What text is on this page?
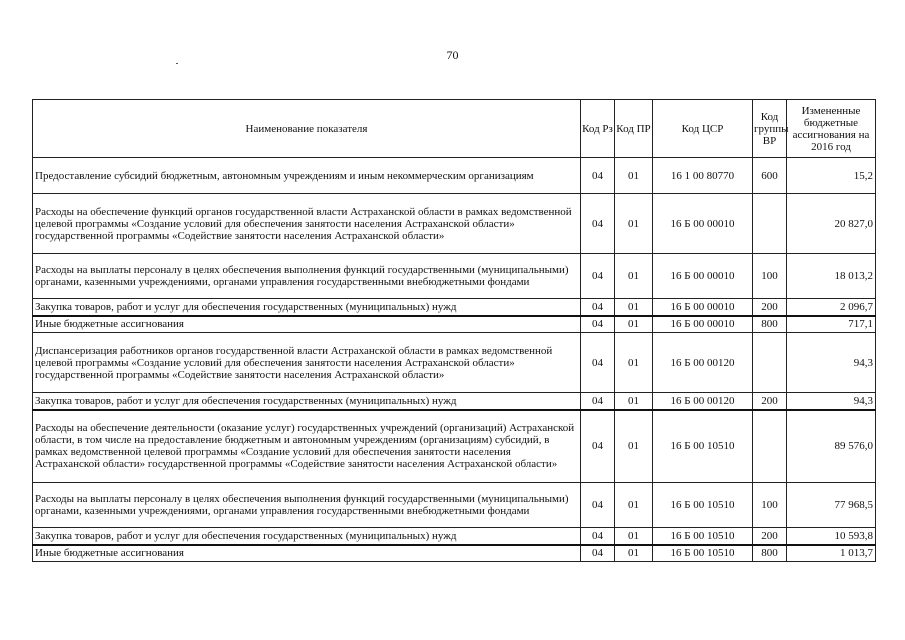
70
Наименование показателя	Код Рз	Код ПР	Код ЦСР	Код группы ВР	Измененные бюджетные ассигнования на 2016 год
Предоставление субсидий бюджетным, автономным учреждениям и иным некоммерческим организациям	04	01	16 1 00 80770	600	15,2
Расходы на обеспечение функций органов государственной власти Астраханской области в рамках ведомственной целевой программы «Создание условий для обеспечения занятости населения Астраханской области» государственной программы «Содействие занятости населения Астраханской области»	04	01	16 Б 00 00010		20 827,0
Расходы на выплаты персоналу в целях обеспечения выполнения функций государственными (муниципальными) органами, казенными учреждениями, органами управления государственными внебюджетными фондами	04	01	16 Б 00 00010	100	18 013,2
Закупка товаров, работ и услуг для обеспечения государственных (муниципальных) нужд	04	01	16 Б 00 00010	200	2 096,7
Иные бюджетные ассигнования	04	01	16 Б 00 00010	800	717,1
Диспансеризация работников органов государственной власти Астраханской области в рамках ведомственной целевой программы «Создание условий для обеспечения занятости населения Астраханской области» государственной программы «Содействие занятости населения Астраханской области»	04	01	16 Б 00 00120		94,3
Закупка товаров, работ и услуг для обеспечения государственных (муниципальных) нужд	04	01	16 Б 00 00120	200	94,3
Расходы на обеспечение деятельности (оказание услуг) государственных учреждений (организаций) Астраханской области, в том числе на предоставление бюджетным и автономным учреждениям (организациям) субсидий, в рамках ведомственной целевой программы «Создание условий для обеспечения занятости населения Астраханской области» государственной программы «Содействие занятости населения Астраханской области»	04	01	16 Б 00 10510		89 576,0
Расходы на выплаты персоналу в целях обеспечения выполнения функций государственными (муниципальными) органами, казенными учреждениями, органами управления государственными внебюджетными фондами	04	01	16 Б 00 10510	100	77 968,5
Закупка товаров, работ и услуг для обеспечения государственных (муниципальных) нужд	04	01	16 Б 00 10510	200	10 593,8
Иные бюджетные ассигнования	04	01	16 Б 00 10510	800	1 013,7
